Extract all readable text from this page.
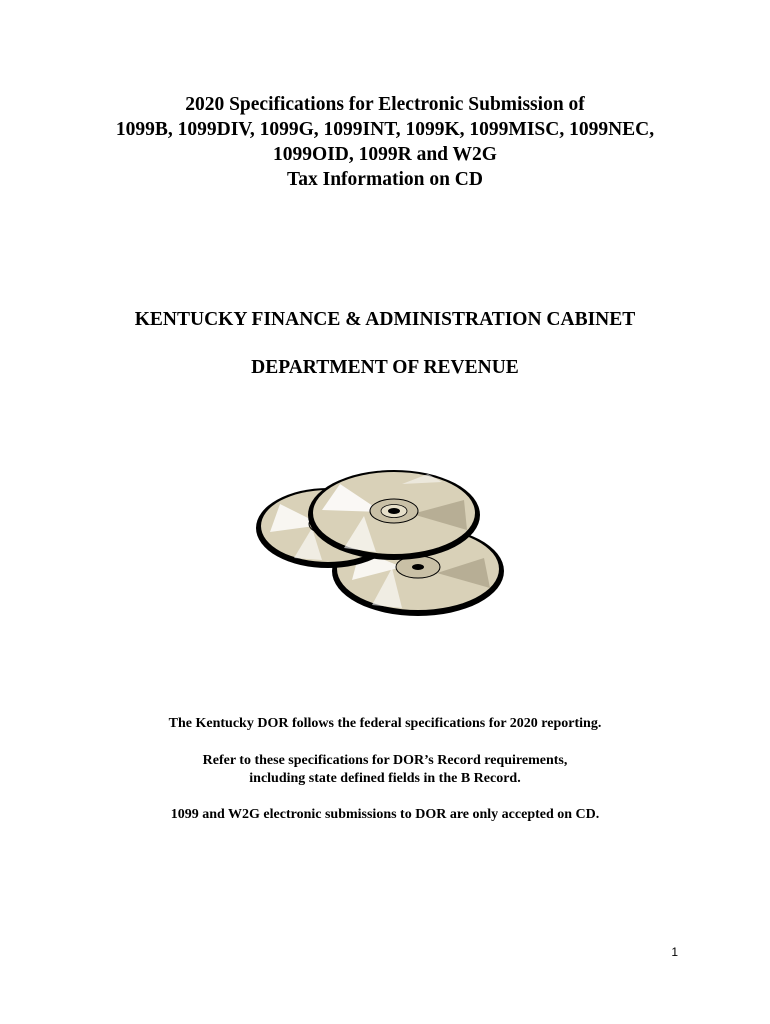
2020 Specifications for Electronic Submission of
1099B, 1099DIV, 1099G, 1099INT, 1099K, 1099MISC, 1099NEC,
1099OID, 1099R and W2G
Tax Information on CD
KENTUCKY FINANCE & ADMINISTRATION CABINET
DEPARTMENT OF REVENUE
The Kentucky DOR follows the federal specifications for 2020 reporting.
Refer to these specifications for DOR’s Record requirements,
including state defined fields in the B Record.
1099 and W2G electronic submissions to DOR are only accepted on CD.
1
